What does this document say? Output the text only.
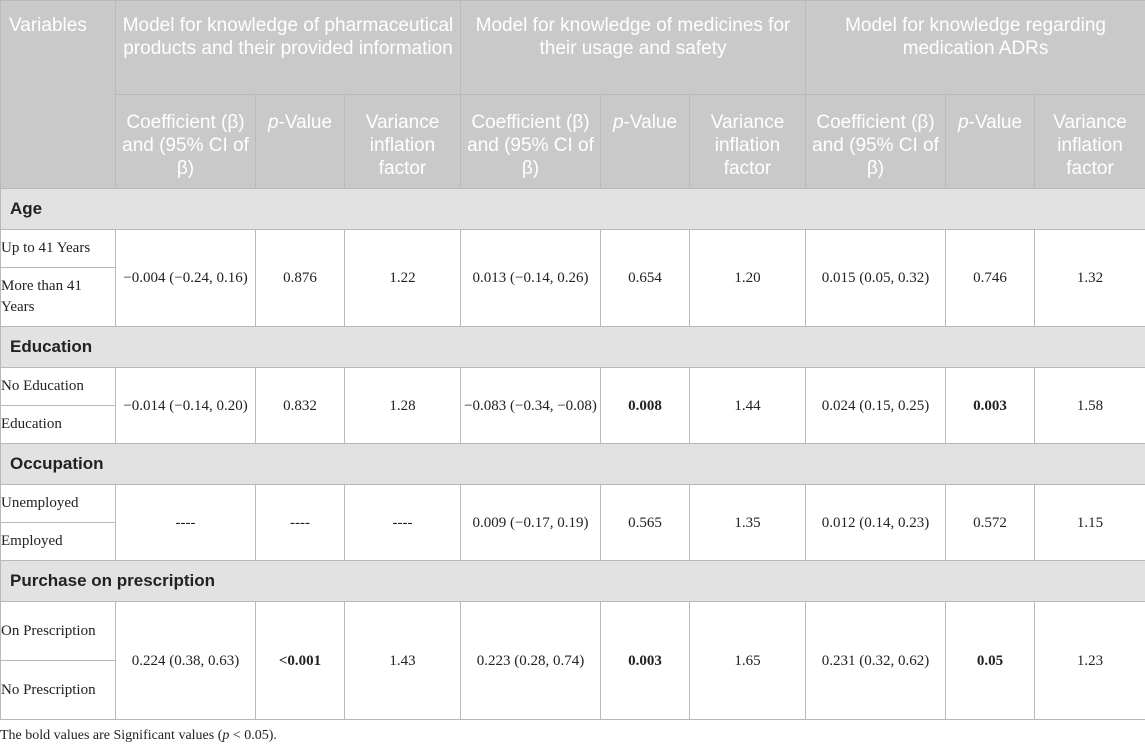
Variables	Model for knowledge of pharmaceutical products and their provided information			Model for knowledge of medicines for their usage and safety			Model for knowledge regarding medication ADRs		
	Coefficient (β) and (95% CI of β)	p-Value	Variance inflation factor	Coefficient (β) and (95% CI of β)	p-Value	Variance inflation factor	Coefficient (β) and (95% CI of β)	p-Value	Variance inflation factor
Age									
Up to 41 Years	−0.004 (−0.24, 0.16)	0.876	1.22	0.013 (−0.14, 0.26)	0.654	1.20	0.015 (0.05, 0.32)	0.746	1.32
More than 41 Years									
Education									
No Education	−0.014 (−0.14, 0.20)	0.832	1.28	−0.083 (−0.34, −0.08)	0.008	1.44	0.024 (0.15, 0.25)	0.003	1.58
Education									
Occupation									
Unemployed	----	----	----	0.009 (−0.17, 0.19)	0.565	1.35	0.012 (0.14, 0.23)	0.572	1.15
Employed									
Purchase on prescription									
On Prescription	0.224 (0.38, 0.63)	<0.001	1.43	0.223 (0.28, 0.74)	0.003	1.65	0.231 (0.32, 0.62)	0.05	1.23
No Prescription									
The bold values are Significant values (p < 0.05).
